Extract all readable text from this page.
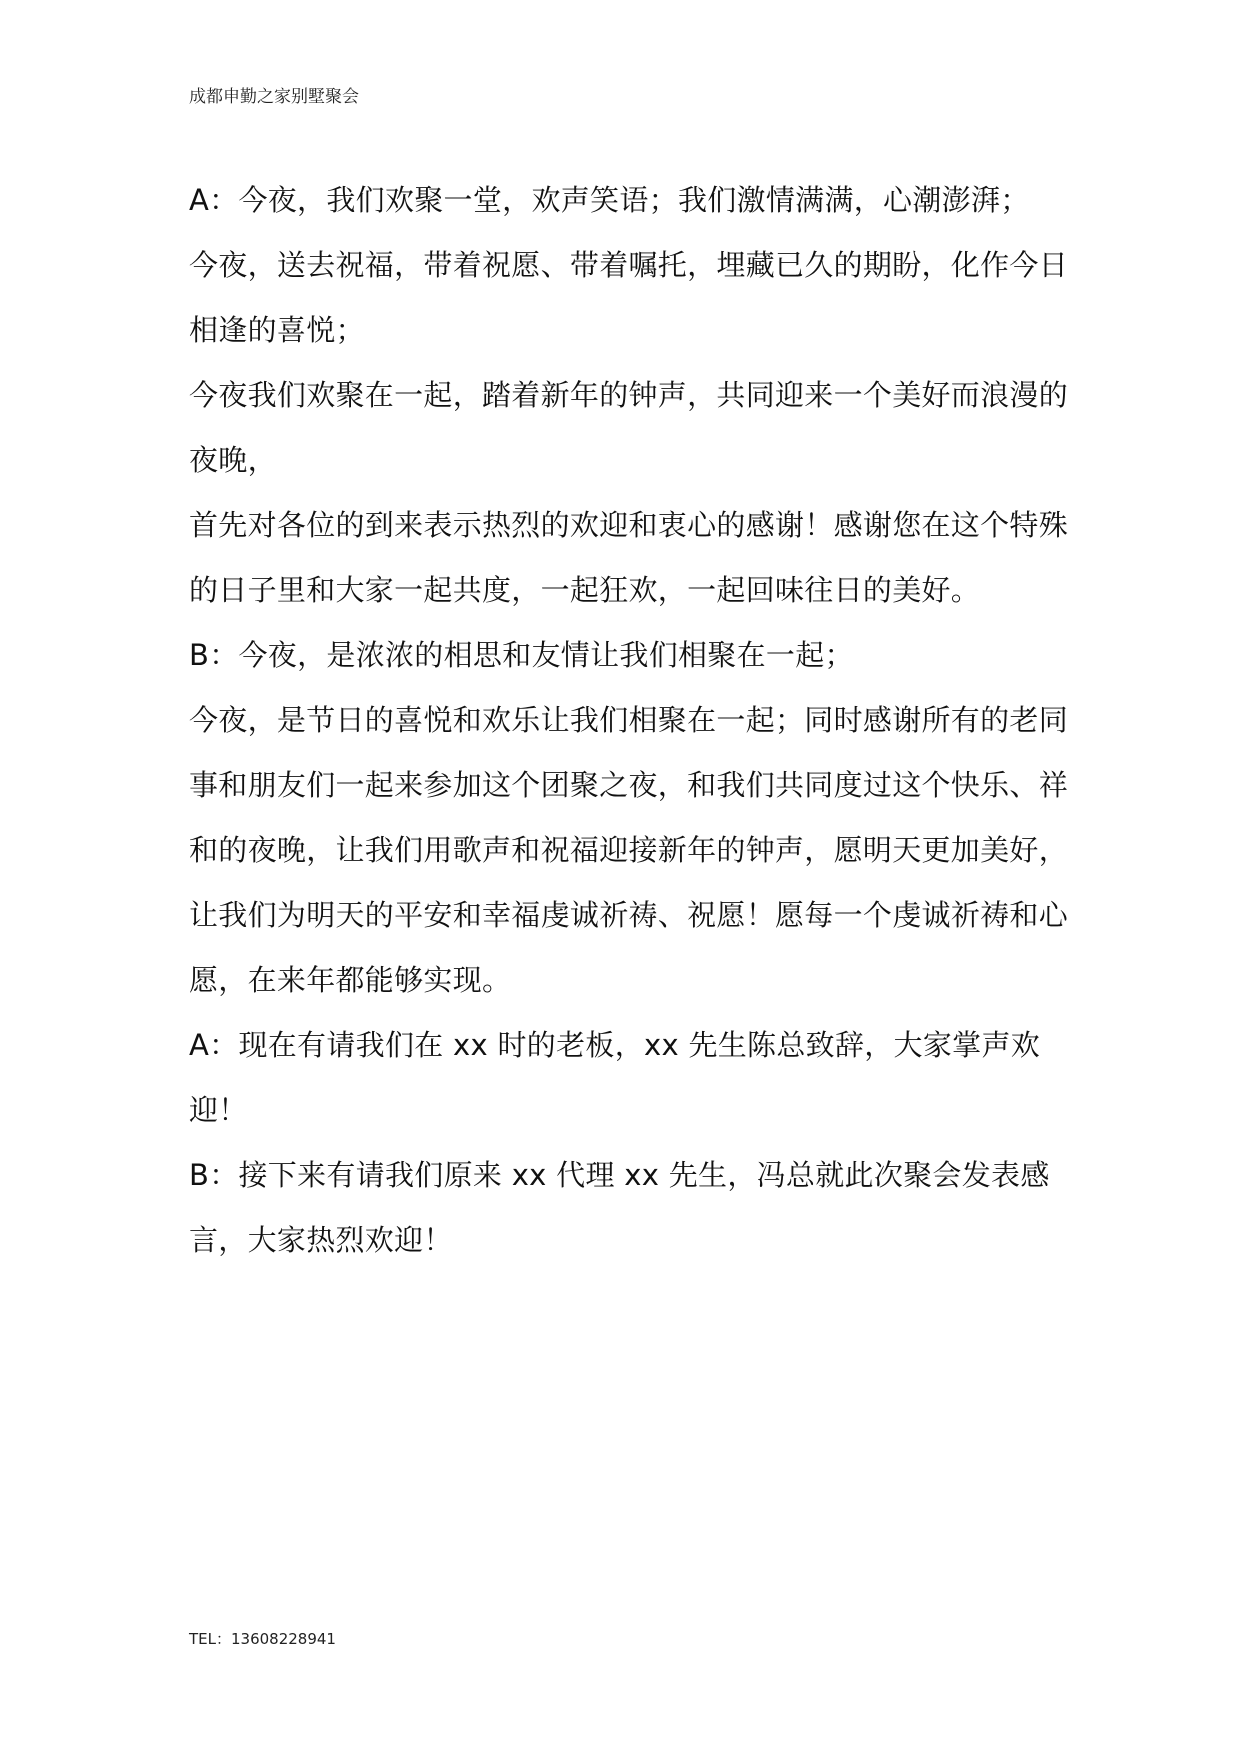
成都申勤之家别墅聚会

A：今夜，我们欢聚一堂，欢声笑语；我们激情满满，心潮澎湃；

今夜，送去祝福，带着祝愿、带着嘱托，埋藏已久的期盼，化作今日相逢的喜悦；

今夜我们欢聚在一起，踏着新年的钟声，共同迎来一个美好而浪漫的夜晚，

首先对各位的到来表示热烈的欢迎和衷心的感谢！感谢您在这个特殊的日子里和大家一起共度，一起狂欢，一起回味往日的美好。

B：今夜，是浓浓的相思和友情让我们相聚在一起；

今夜，是节日的喜悦和欢乐让我们相聚在一起；同时感谢所有的老同事和朋友们一起来参加这个团聚之夜，和我们共同度过这个快乐、祥和的夜晚，让我们用歌声和祝福迎接新年的钟声，愿明天更加美好，让我们为明天的平安和幸福虔诚祈祷、祝愿！愿每一个虔诚祈祷和心愿，在来年都能够实现。

A：现在有请我们在 xx 时的老板，xx 先生陈总致辞，大家掌声欢迎！

B：接下来有请我们原来 xx 代理 xx 先生，冯总就此次聚会发表感言，大家热烈欢迎！

TEL：13608228941
